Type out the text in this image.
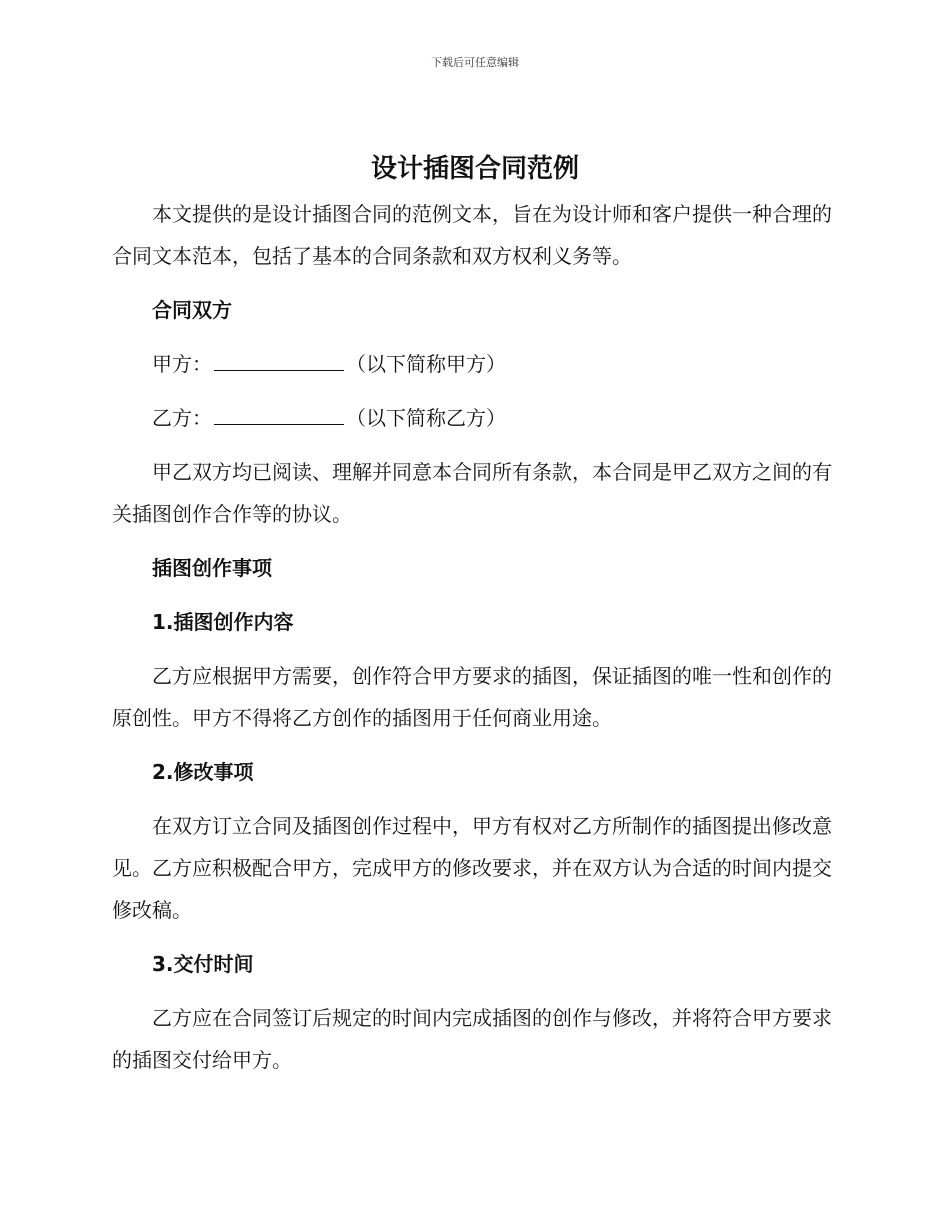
下载后可任意编辑
设计插图合同范例

本文提供的是设计插图合同的范例文本，旨在为设计师和客户提供一种合理的合同文本范本，包括了基本的合同条款和双方权利义务等。

合同双方

甲方：	（以下简称甲方）

乙方：	（以下简称乙方）

甲乙双方均已阅读、理解并同意本合同所有条款，本合同是甲乙双方之间的有关插图创作合作等的协议。

插图创作事项

1.插图创作内容

乙方应根据甲方需要，创作符合甲方要求的插图，保证插图的唯一性和创作的原创性。甲方不得将乙方创作的插图用于任何商业用途。

2.修改事项

在双方订立合同及插图创作过程中，甲方有权对乙方所制作的插图提出修改意见。乙方应积极配合甲方，完成甲方的修改要求，并在双方认为合适的时间内提交修改稿。

3.交付时间

乙方应在合同签订后规定的时间内完成插图的创作与修改，并将符合甲方要求的插图交付给甲方。
